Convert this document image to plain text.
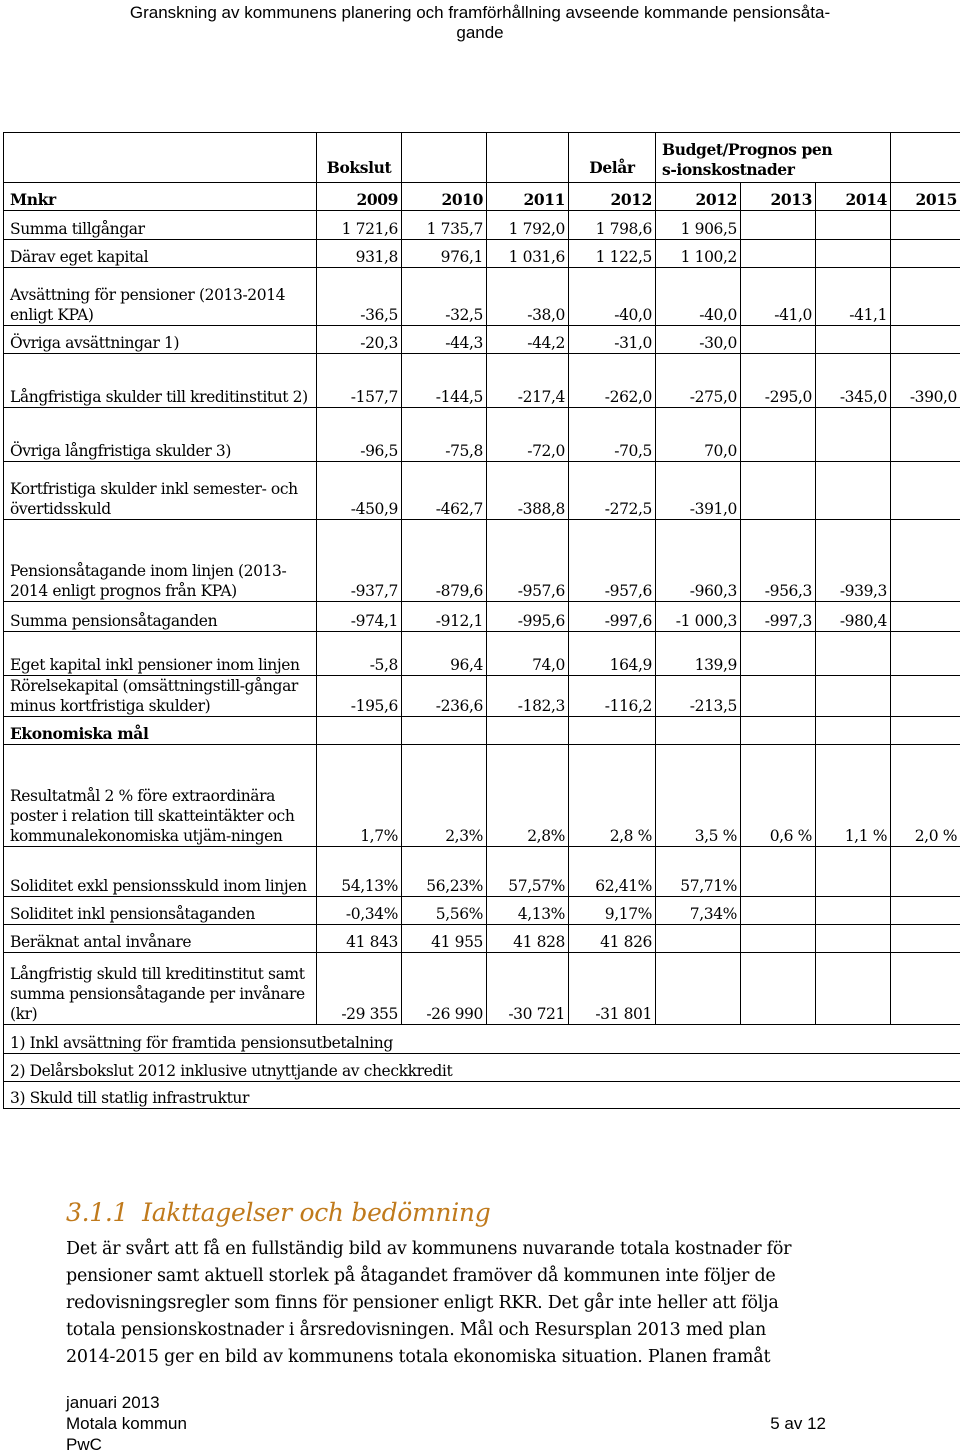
Granskning av kommunens planering och framförhållning avseende kommande pensionsåta-
gande
	Bokslut			Delår	Budget/Prognos pens-ionskostnader			
Mnkr	2009	2010	2011	2012	2012	2013	2014	2015
Summa tillgångar	1 721,6	1 735,7	1 792,0	1 798,6	1 906,5			
Därav eget kapital	931,8	976,1	1 031,6	1 122,5	1 100,2			
Avsättning för pensioner (2013-2014 enligt KPA)	-36,5	-32,5	-38,0	-40,0	-40,0	-41,0	-41,1	
Övriga avsättningar 1)	-20,3	-44,3	-44,2	-31,0	-30,0			
Långfristiga skulder till kreditinstitut 2)	-157,7	-144,5	-217,4	-262,0	-275,0	-295,0	-345,0	-390,0
Övriga långfristiga skulder 3)	-96,5	-75,8	-72,0	-70,5	70,0			
Kortfristiga skulder inkl semester- och övertidsskuld	-450,9	-462,7	-388,8	-272,5	-391,0			
Pensionsåtagande inom linjen (2013-2014 enligt prognos från KPA)	-937,7	-879,6	-957,6	-957,6	-960,3	-956,3	-939,3	
Summa pensionsåtaganden	-974,1	-912,1	-995,6	-997,6	-1 000,3	-997,3	-980,4	
Eget kapital inkl pensioner inom linjen	-5,8	96,4	74,0	164,9	139,9			
Rörelsekapital (omsättningstill-gångar minus kortfristiga skulder)	-195,6	-236,6	-182,3	-116,2	-213,5			
Ekonomiska mål								
Resultatmål 2 % före extraordinära poster i relation till skatteintäkter och kommunalekonomiska utjäm-ningen	1,7%	2,3%	2,8%	2,8 %	3,5 %	0,6 %	1,1 %	2,0 %
Soliditet exkl pensionsskuld inom linjen	54,13%	56,23%	57,57%	62,41%	57,71%			
Soliditet inkl pensionsåtaganden	-0,34%	5,56%	4,13%	9,17%	7,34%			
Beräknat antal invånare	41 843	41 955	41 828	41 826				
Långfristig skuld till kreditinstitut samt summa pensionsåtagande per invånare (kr)	-29 355	-26 990	-30 721	-31 801				
1) Inkl avsättning för framtida pensionsutbetalning								
2) Delårsbokslut 2012 inklusive utnyttjande av checkkredit								
3) Skuld till statlig infrastruktur								
3.1.1 Iakttagelser och bedömning
Det är svårt att få en fullständig bild av kommunens nuvarande totala kostnader för
pensioner samt aktuell storlek på åtagandet framöver då kommunen inte följer de
redovisningsregler som finns för pensioner enligt RKR. Det går inte heller att följa
totala pensionskostnader i årsredovisningen. Mål och Resursplan 2013 med plan
2014-2015 ger en bild av kommunens totala ekonomiska situation. Planen framåt
januari 2013
Motala kommun	5 av 12
PwC
